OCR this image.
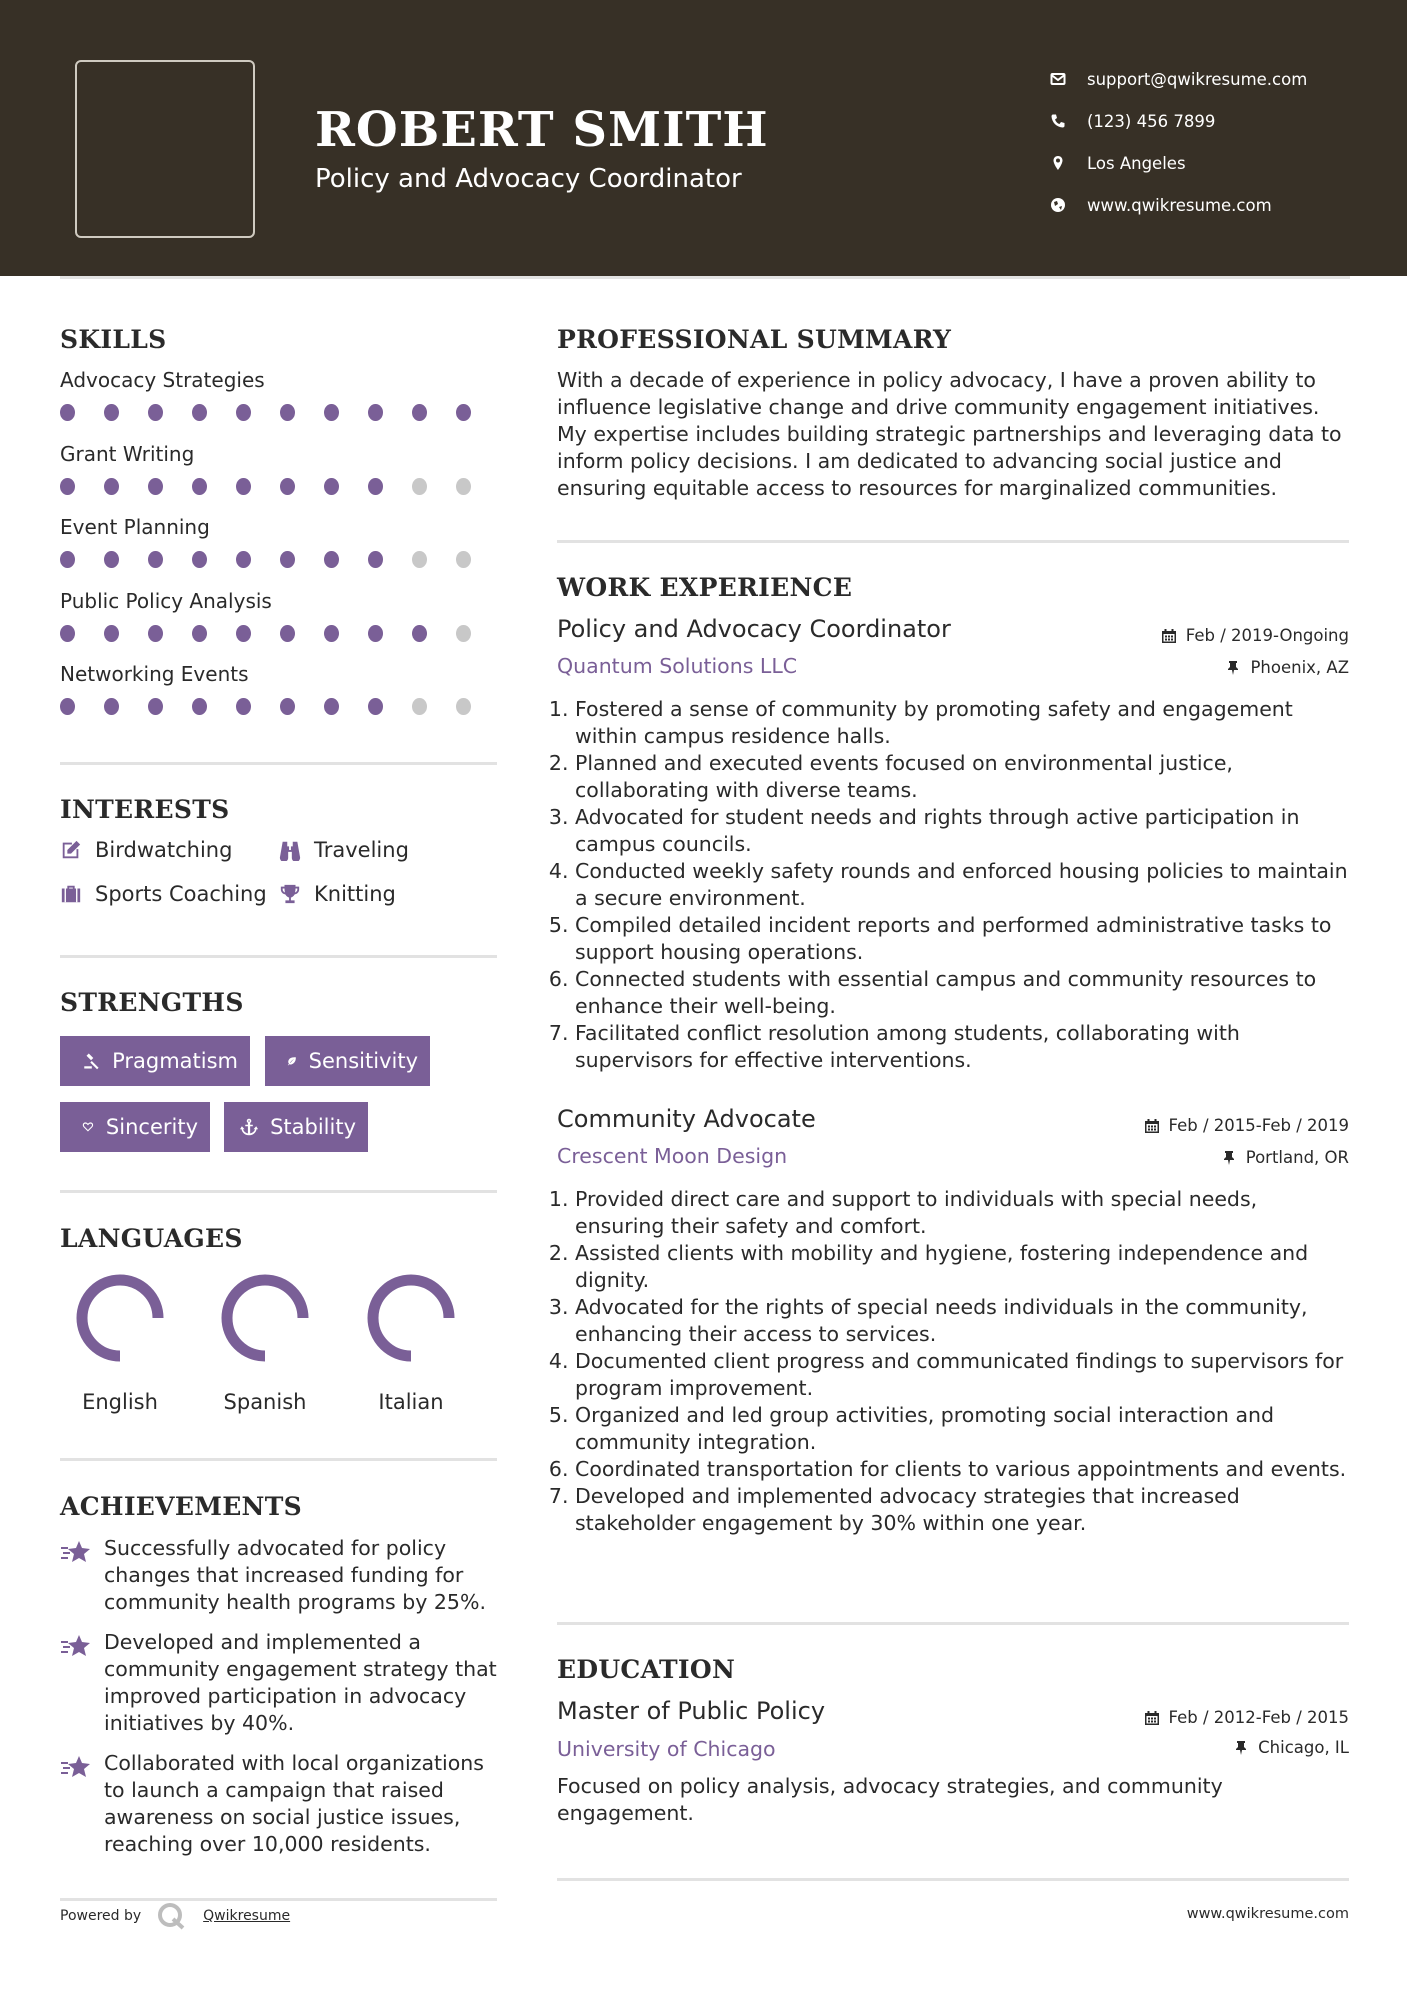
ROBERT SMITH
Policy and Advocacy Coordinator
support@qwikresume.com
(123) 456 7899
Los Angeles
www.qwikresume.com
SKILLS
Advocacy Strategies
Grant Writing
Event Planning
Public Policy Analysis
Networking Events
INTERESTS
Birdwatching	Traveling
Sports Coaching Knitting
STRENGTHS
Pragmatism	Sensitivity
Sincerity	Stability
LANGUAGES
English	Spanish	Italian
ACHIEVEMENTS

Successfully advocated for policy changes that increased funding for community health programs by 25%.

Developed and implemented a community engagement strategy that improved participation in advocacy initiatives by 40%.

Collaborated with local organizations to launch a campaign that raised awareness on social justice issues, reaching over 10,000 residents.

Powered by	Qwikresume	www.qwikresume.com
PROFESSIONAL SUMMARY
With a decade of experience in policy advocacy, I have a proven ability to influence legislative change and drive community engagement initiatives. My expertise includes building strategic partnerships and leveraging data to inform policy decisions. I am dedicated to advancing social justice and ensuring equitable access to resources for marginalized communities.
WORK EXPERIENCE
Policy and Advocacy Coordinator	Feb / 2019-Ongoing
Quantum Solutions LLC	Phoenix, AZ
1. Fostered a sense of community by promoting safety and engagement within campus residence halls.
2. Planned and executed events focused on environmental justice, collaborating with diverse teams.
3. Advocated for student needs and rights through active participation in campus councils.
4. Conducted weekly safety rounds and enforced housing policies to maintain a secure environment.
5. Compiled detailed incident reports and performed administrative tasks to support housing operations.
6. Connected students with essential campus and community resources to enhance their well-being.
7. Facilitated conflict resolution among students, collaborating with supervisors for effective interventions.
Community Advocate	Feb / 2015-Feb / 2019
Crescent Moon Design	Portland, OR
1. Provided direct care and support to individuals with special needs, ensuring their safety and comfort.
2. Assisted clients with mobility and hygiene, fostering independence and dignity.
3. Advocated for the rights of special needs individuals in the community, enhancing their access to services.
4. Documented client progress and communicated findings to supervisors for program improvement.
5. Organized and led group activities, promoting social interaction and community integration.
6. Coordinated transportation for clients to various appointments and events.
7. Developed and implemented advocacy strategies that increased stakeholder engagement by 30% within one year.
EDUCATION
Master of Public Policy	Feb / 2012-Feb / 2015
University of Chicago	Chicago, IL
Focused on policy analysis, advocacy strategies, and community engagement.
